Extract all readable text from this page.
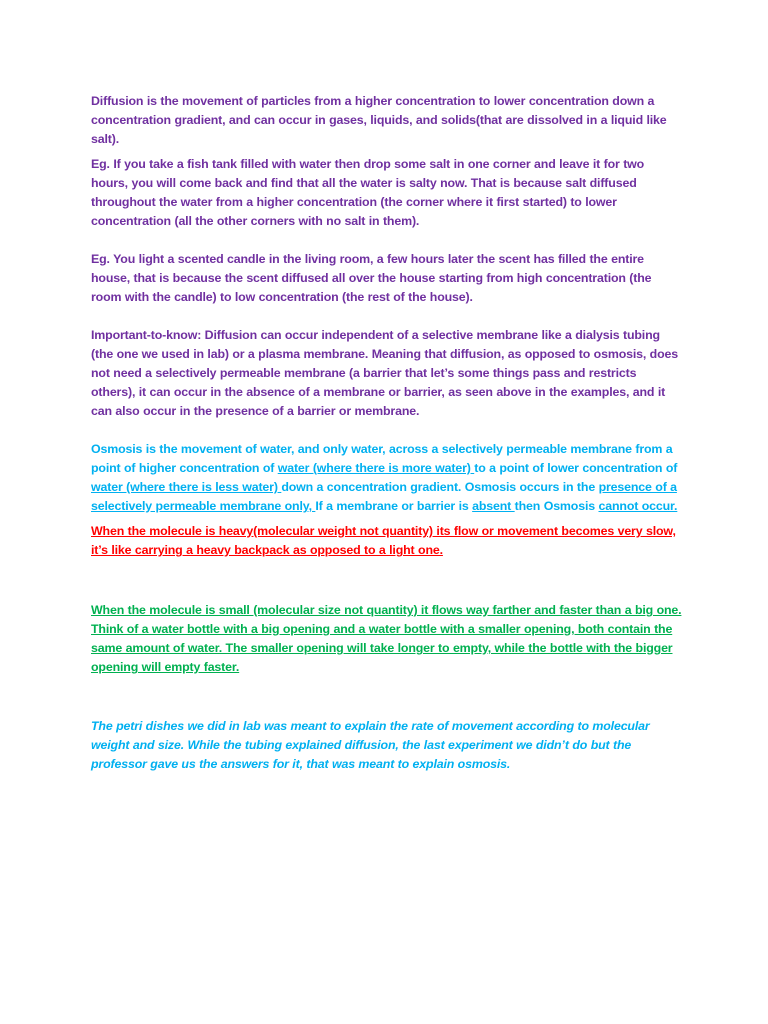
Diffusion is the movement of particles from a higher concentration to lower concentration down a concentration gradient, and can occur in gases, liquids, and solids(that are dissolved in a liquid like salt).

Eg. If you take a fish tank filled with water then drop some salt in one corner and leave it for two hours, you will come back and find that all the water is salty now. That is because salt diffused throughout the water from a higher concentration (the corner where it first started) to lower concentration (all the other corners with no salt in them).

Eg. You light a scented candle in the living room, a few hours later the scent has filled the entire house, that is because the scent diffused all over the house starting from high concentration (the room with the candle) to low concentration (the rest of the house).

Important-to-know: Diffusion can occur independent of a selective membrane like a dialysis tubing (the one we used in lab) or a plasma membrane. Meaning that diffusion, as opposed to osmosis, does not need a selectively permeable membrane (a barrier that let’s some things pass and restricts others), it can occur in the absence of a membrane or barrier, as seen above in the examples, and it can also occur in the presence of a barrier or membrane.

Osmosis is the movement of water, and only water, across a selectively permeable membrane from a point of higher concentration of water (where there is more water) to a point of lower concentration of water (where there is less water) down a concentration gradient. Osmosis occurs in the presence of a selectively permeable membrane only, If a membrane or barrier is absent then Osmosis cannot occur.

When the molecule is heavy(molecular weight not quantity) its flow or movement becomes very slow, it’s like carrying a heavy backpack as opposed to a light one.

When the molecule is small (molecular size not quantity) it flows way farther and faster than a big one. Think of a water bottle with a big opening and a water bottle with a smaller opening, both contain the same amount of water. The smaller opening will take longer to empty, while the bottle with the bigger opening will empty faster.

The petri dishes we did in lab was meant to explain the rate of movement according to molecular weight and size. While the tubing explained diffusion, the last experiment we didn’t do but the professor gave us the answers for it, that was meant to explain osmosis.
